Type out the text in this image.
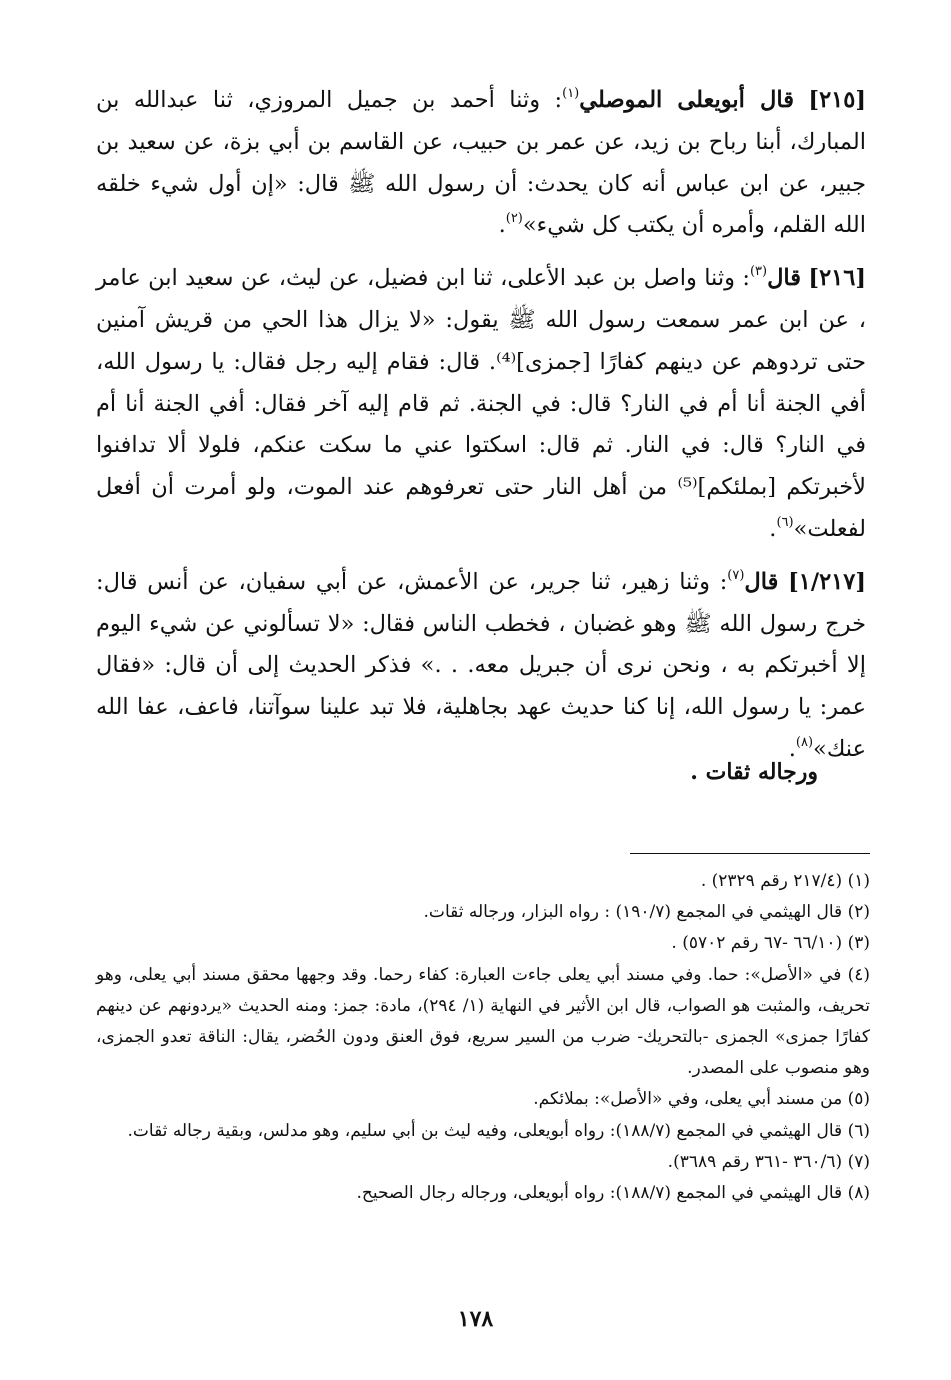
[٢١٥] قال أبويعلى الموصلي$^{(١)}$: وثنا أحمد بن جميل المروزي، ثنا عبدالله بن المبارك، أبنا رباح بن زيد، عن عمر بن حبيب، عن القاسم بن أبي بزة، عن سعيد بن جبير، عن ابن عباس أنه كان يحدث: أن رسول الله ﷺ قال: «إن أول شيء خلقه الله القلم، وأمره أن يكتب كل شيء»$^{(٢)}$.

[٢١٦] قال$^{(٣)}$: وثنا واصل بن عبد الأعلى، ثنا ابن فضيل، عن ليث، عن سعيد ابن عامر ، عن ابن عمر سمعت رسول الله ﷺ يقول: «لا يزال هذا الحي من قريش آمنين حتى تردوهم عن دينهم كفارًا [جمزى]⁽⁴⁾. قال: فقام إليه رجل فقال: يا رسول الله، أفي الجنة أنا أم في النار؟ قال: في الجنة. ثم قام إليه آخر فقال: أفي الجنة أنا أم في النار؟ قال: في النار. ثم قال: اسكتوا عني ما سكت عنكم، فلولا ألا تدافنوا لأخبرتكم [بملئكم]⁽⁵⁾ من أهل النار حتى تعرفوهم عند الموت، ولو أمرت أن أفعل لفعلت»$^{(٦)}$.

[١/٢١٧] قال$^{(٧)}$: وثنا زهير، ثنا جرير، عن الأعمش، عن أبي سفيان، عن أنس قال: خرج رسول الله ﷺ وهو غضبان ، فخطب الناس فقال: «لا تسألوني عن شيء اليوم إلا أخبرتكم به ، ونحن نرى أن جبريل معه. . .» فذكر الحديث إلى أن قال: «فقال عمر: يا رسول الله، إنا كنا حديث عهد بجاهلية، فلا تبد علينا سوآتنا، فاعف، عفا الله عنك»$^{(٨)}$.

ورجاله ثقات .

(١) (٢١٧/٤ رقم ٢٣٢٩) .

(٢) قال الهيثمي في المجمع (١٩٠/٧) : رواه البزار، ورجاله ثقات.

(٣) (٦٦/١٠ -٦٧ رقم ٥٧٠٢) .

(٤) في «الأصل»: حما. وفي مسند أبي يعلى جاءت العبارة: كفاء رحما. وقد وجهها محقق مسند أبي يعلى، وهو تحريف، والمثبت هو الصواب، قال ابن الأثير في النهاية (١/ ٢٩٤)، مادة: جمز: ومنه الحديث «يردونهم عن دينهم كفارًا جمزى» الجمزى -بالتحريك- ضرب من السير سريع، فوق العنق ودون الحُضر، يقال: الناقة تعدو الجمزى، وهو منصوب على المصدر.

(٥) من مسند أبي يعلى، وفي «الأصل»: بملائكم.

(٦) قال الهيثمي في المجمع (١٨٨/٧): رواه أبويعلى، وفيه ليث بن أبي سليم، وهو مدلس، وبقية رجاله ثقات.

(٧) (٣٦٠/٦ -٣٦١ رقم ٣٦٨٩).

(٨) قال الهيثمي في المجمع (١٨٨/٧): رواه أبويعلى، ورجاله رجال الصحيح.

١٧٨
